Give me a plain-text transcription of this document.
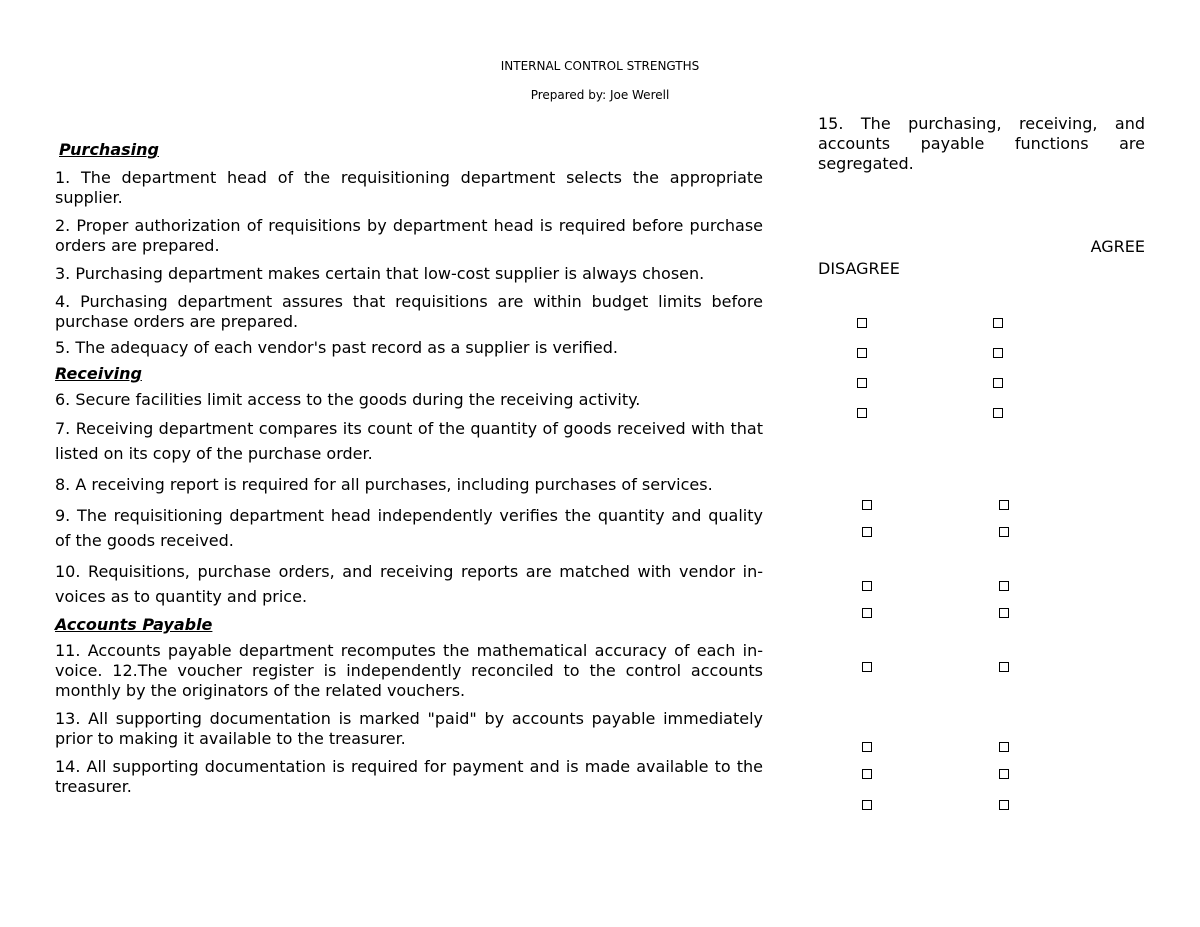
INTERNAL CONTROL STRENGTHS
Prepared by: Joe Werell
Purchasing
1. The department head of the requisitioning department selects the appropriate supplier.
2. Proper authorization of requisitions by department head is required before purchase orders are prepared.
3. Purchasing department makes certain that low-cost supplier is always chosen.
4. Purchasing department assures that requisitions are within budget limits before purchase orders are prepared.
5. The adequacy of each vendor's past record as a supplier is verified.
Receiving
6. Secure facilities limit access to the goods during the receiving activity.
7. Receiving department compares its count of the quantity of goods received with that listed on its copy of the purchase order.
8. A receiving report is required for all purchases, including purchases of services.
9. The requisitioning department head independently verifies the quantity and quality of the goods received.
10. Requisitions, purchase orders, and receiving reports are matched with vendor in- voices as to quantity and price.
Accounts Payable
11. Accounts payable department recomputes the mathematical accuracy of each in- voice. 12.The voucher register is independently reconciled to the control accounts monthly by the originators of the related vouchers.
13. All supporting documentation is marked "paid" by accounts payable immediately prior to making it available to the treasurer.
14. All supporting documentation is required for payment and is made available to the treasurer.
15. The purchasing, receiving, and accounts payable functions are segregated.
AGREE
DISAGREE
